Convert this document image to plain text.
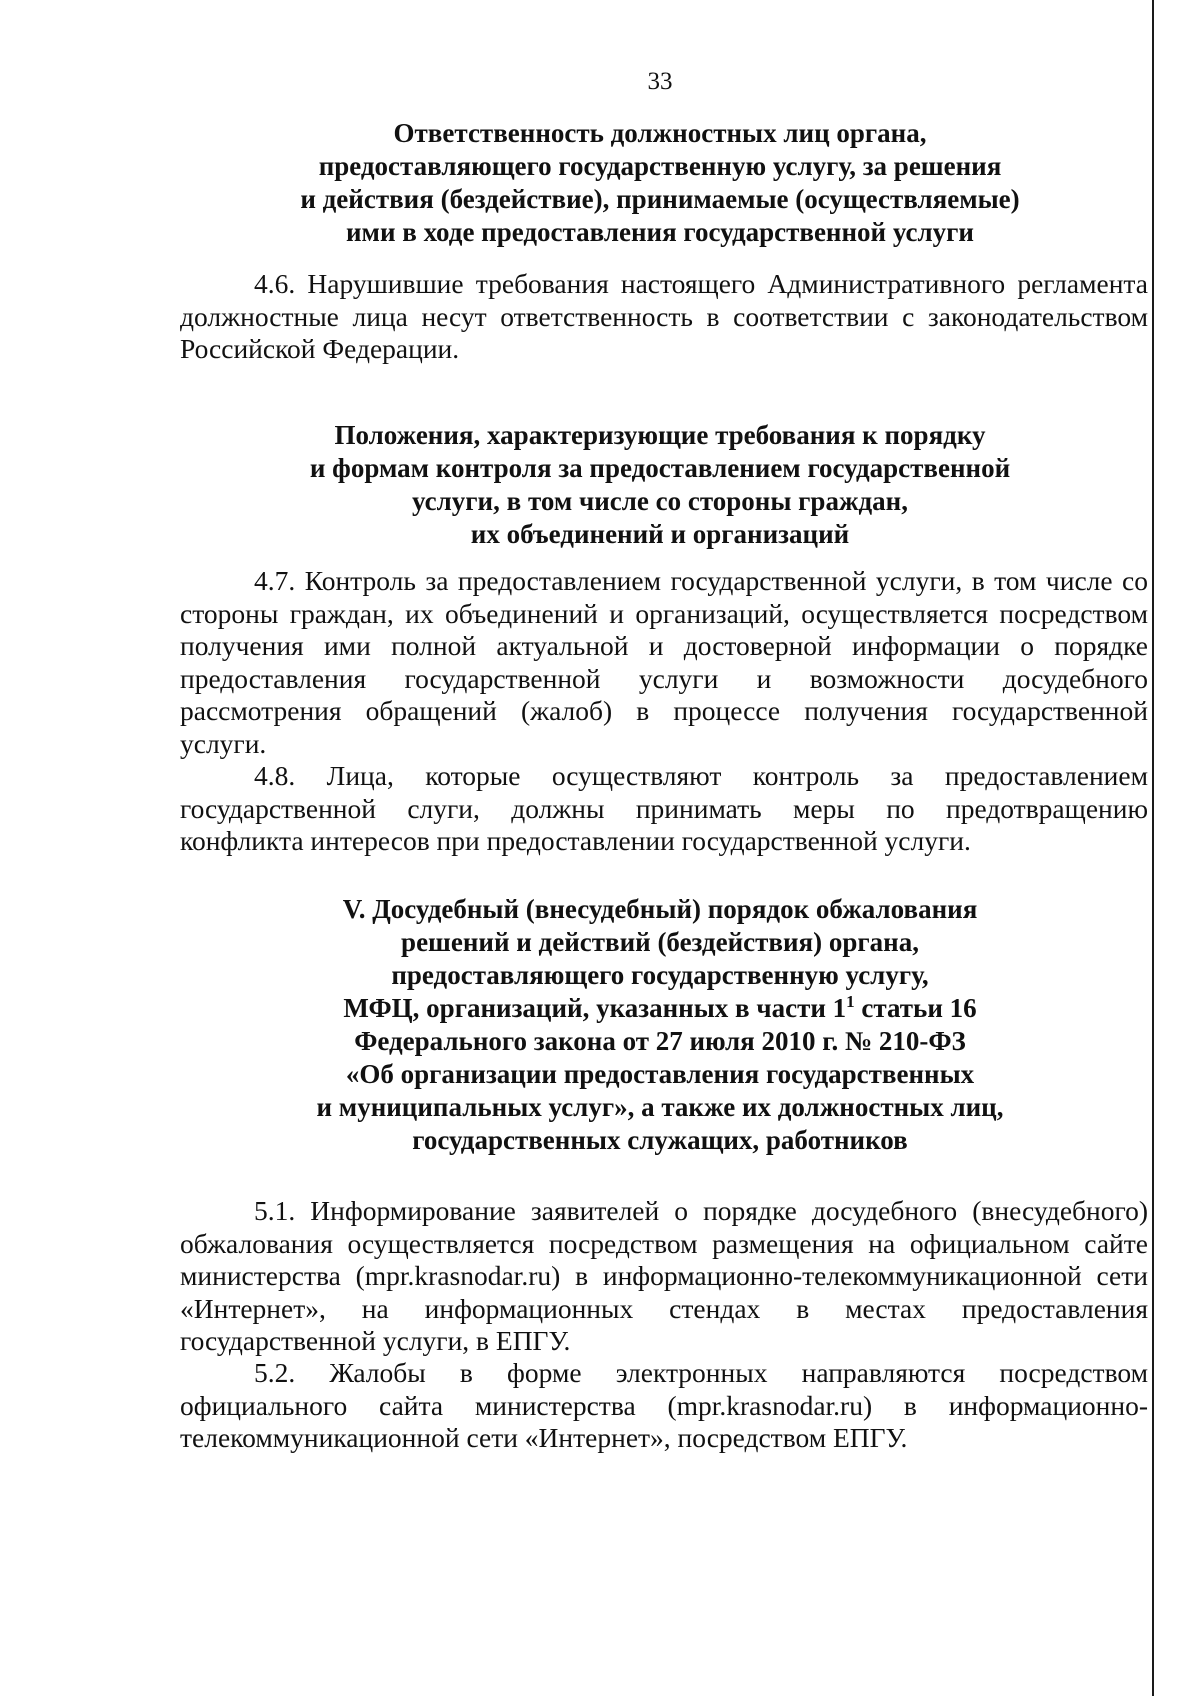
33
Ответственность должностных лиц органа,
предоставляющего государственную услугу, за решения
и действия (бездействие), принимаемые (осуществляемые)
ими в ходе предоставления государственной услуги
4.6. Нарушившие требования настоящего Административного регламента
должностные лица несут ответственность в соответствии с законодательством
Российской Федерации.
Положения, характеризующие требования к порядку
и формам контроля за предоставлением государственной
услуги, в том числе со стороны граждан,
их объединений и организаций
4.7. Контроль за предоставлением государственной услуги, в том числе со
стороны граждан, их объединений и организаций, осуществляется посредством
получения ими полной актуальной и достоверной информации о порядке
предоставления государственной услуги и возможности досудебного
рассмотрения обращений (жалоб) в процессе получения государственной
услуги.
4.8. Лица, которые осуществляют контроль за предоставлением
государственной слуги, должны принимать меры по предотвращению
конфликта интересов при предоставлении государственной услуги.
V. Досудебный (внесудебный) порядок обжалования
решений и действий (бездействия) органа,
предоставляющего государственную услугу,
МФЦ, организаций, указанных в части $1^1$ статьи 16
Федерального закона от 27 июля 2010 г. № 210-ФЗ
«Об организации предоставления государственных
и муниципальных услуг», а также их должностных лиц,
государственных служащих, работников
5.1. Информирование заявителей о порядке досудебного (внесудебного)
обжалования осуществляется посредством размещения на официальном сайте
министерства (mpr.krasnodar.ru) в информационно-телекоммуникационной сети
«Интернет», на информационных стендах в местах предоставления
государственной услуги, в ЕПГУ.
5.2. Жалобы в форме электронных направляются посредством
официального сайта министерства (mpr.krasnodar.ru) в информационно-
телекоммуникационной сети «Интернет», посредством ЕПГУ.
